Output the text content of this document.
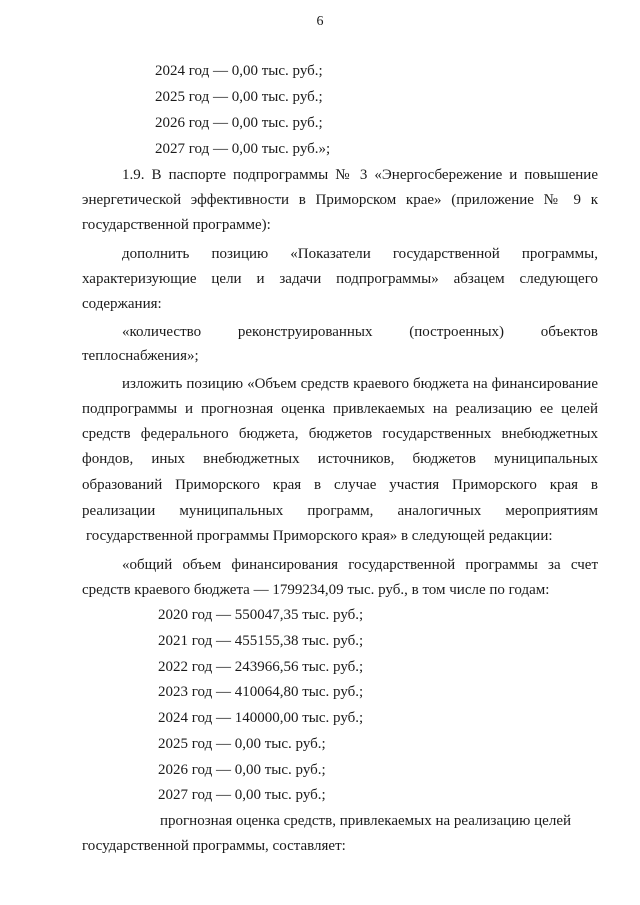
6
2024 год — 0,00 тыс. руб.;
2025 год — 0,00 тыс. руб.;
2026 год — 0,00 тыс. руб.;
2027 год — 0,00 тыс. руб.»;
1.9. В паспорте подпрограммы № 3 «Энергосбережение и повышение
энергетической эффективности в Приморском крае» (приложение № 9 к
государственной программе):
дополнить позицию «Показатели государственной программы,
характеризующие цели и задачи подпрограммы» абзацем следующего
содержания:
«количество реконструированных (построенных) объектов
теплоснабжения»;
изложить позицию «Объем средств краевого бюджета на финансирование
подпрограммы и прогнозная оценка привлекаемых на реализацию ее целей
средств федерального бюджета, бюджетов государственных внебюджетных
фондов, иных внебюджетных источников, бюджетов муниципальных
образований Приморского края в случае участия Приморского края в
реализации муниципальных программ, аналогичных мероприятиям
государственной программы Приморского края» в следующей редакции:
«общий объем финансирования государственной программы за счет
средств краевого бюджета — 1799234,09 тыс. руб., в том числе по годам:
2020 год — 550047,35 тыс. руб.;
2021 год — 455155,38 тыс. руб.;
2022 год — 243966,56 тыс. руб.;
2023 год — 410064,80 тыс. руб.;
2024 год — 140000,00 тыс. руб.;
2025 год — 0,00 тыс. руб.;
2026 год — 0,00 тыс. руб.;
2027 год — 0,00 тыс. руб.;
прогнозная оценка средств, привлекаемых на реализацию целей
государственной программы, составляет:
